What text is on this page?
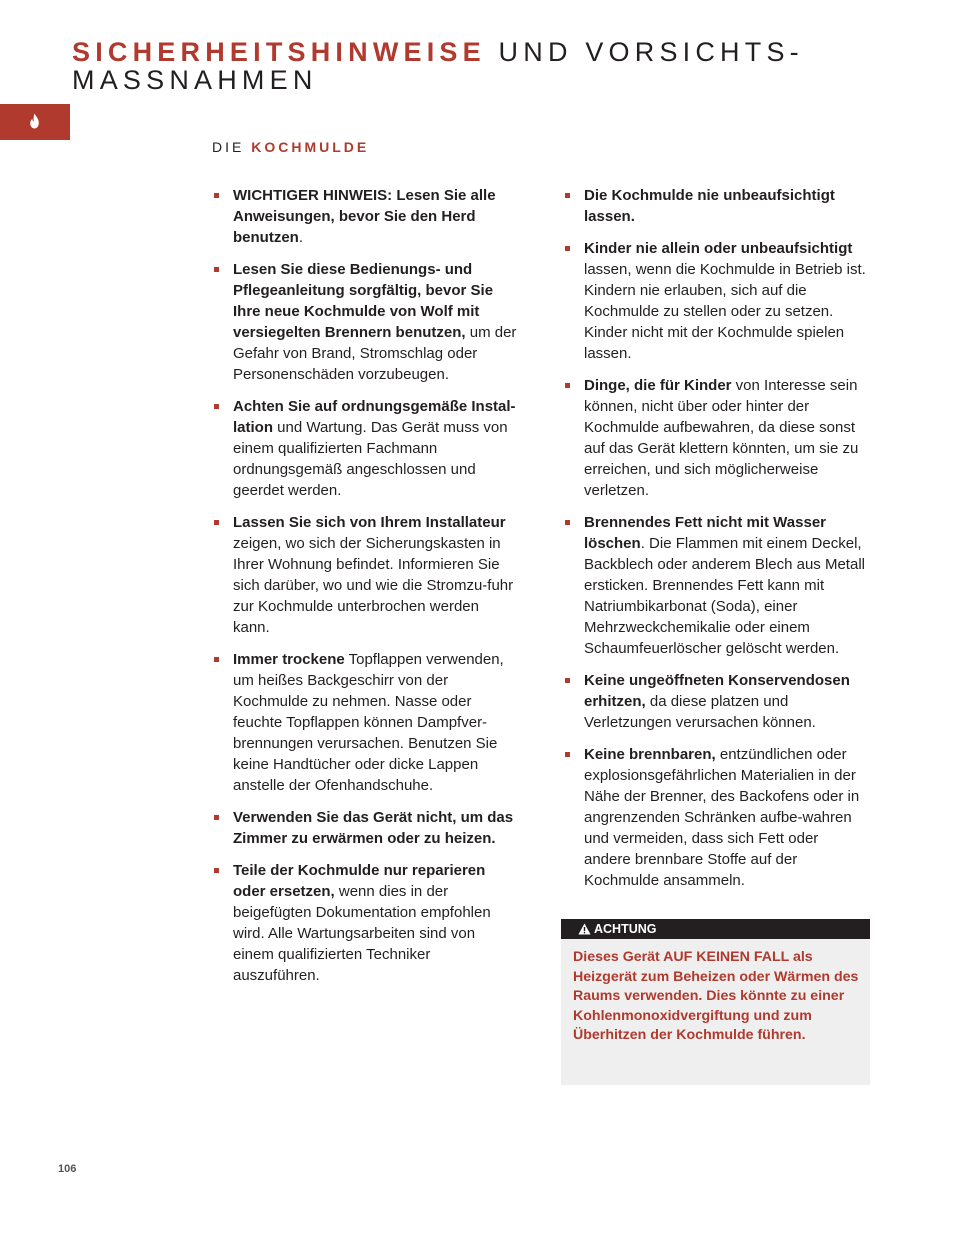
SICHERHEITSHINWEISE UND VORSICHTS-
MASSNAHMEN
DIE KOCHMULDE
WICHTIGER HINWEIS: Lesen Sie alle Anweisungen, bevor Sie den Herd benutzen.
Lesen Sie diese Bedienungs- und Pflegeanleitung sorgfältig, bevor Sie Ihre neue Kochmulde von Wolf mit versiegelten Brennern benutzen, um der Gefahr von Brand, Stromschlag oder Personenschäden vorzubeugen.
Achten Sie auf ordnungsgemäße Instal-lation und Wartung. Das Gerät muss von einem qualifizierten Fachmann ordnungsgemäß angeschlossen und geerdet werden.
Lassen Sie sich von Ihrem Installateur zeigen, wo sich der Sicherungskasten in Ihrer Wohnung befindet. Informieren Sie sich darüber, wo und wie die Stromzu-fuhr zur Kochmulde unterbrochen werden kann.
Immer trockene Topflappen verwenden, um heißes Backgeschirr von der Kochmulde zu nehmen. Nasse oder feuchte Topflappen können Dampfver-brennungen verursachen. Benutzen Sie keine Handtücher oder dicke Lappen anstelle der Ofenhandschuhe.
Verwenden Sie das Gerät nicht, um das Zimmer zu erwärmen oder zu heizen.
Teile der Kochmulde nur reparieren oder ersetzen, wenn dies in der beigefügten Dokumentation empfohlen wird. Alle Wartungsarbeiten sind von einem qualifizierten Techniker auszuführen.
Die Kochmulde nie unbeaufsichtigt lassen.
Kinder nie allein oder unbeaufsichtigt lassen, wenn die Kochmulde in Betrieb ist. Kindern nie erlauben, sich auf die Kochmulde zu stellen oder zu setzen. Kinder nicht mit der Kochmulde spielen lassen.
Dinge, die für Kinder von Interesse sein können, nicht über oder hinter der Kochmulde aufbewahren, da diese sonst auf das Gerät klettern könnten, um sie zu erreichen, und sich möglicherweise verletzen.
Brennendes Fett nicht mit Wasser löschen. Die Flammen mit einem Deckel, Backblech oder anderem Blech aus Metall ersticken. Brennendes Fett kann mit Natriumbikarbonat (Soda), einer Mehrzweckchemikalie oder einem Schaumfeuerlöscher gelöscht werden.
Keine ungeöffneten Konservendosen erhitzen, da diese platzen und Verletzungen verursachen können.
Keine brennbaren, entzündlichen oder explosionsgefährlichen Materialien in der Nähe der Brenner, des Backofens oder in angrenzenden Schränken aufbe-wahren und vermeiden, dass sich Fett oder andere brennbare Stoffe auf der Kochmulde ansammeln.
ACHTUNG
Dieses Gerät AUF KEINEN FALL als Heizgerät zum Beheizen oder Wärmen des Raums verwenden. Dies könnte zu einer Kohlenmonoxidvergiftung und zum Überhitzen der Kochmulde führen.
106
